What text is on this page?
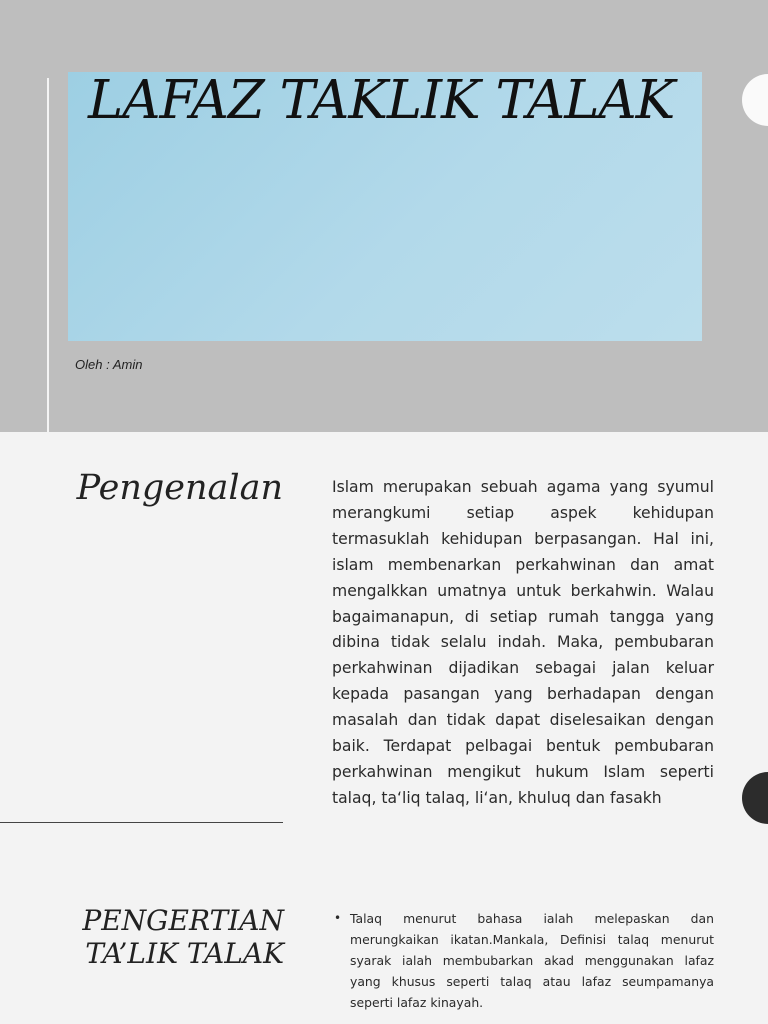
LAFAZ TAKLIK TALAK
Oleh : Amin
Pengenalan	Islam merupakan sebuah agama yang syumul merangkumi setiap aspek kehidupan termasuklah kehidupan berpasangan. Hal ini, islam membenarkan perkahwinan dan amat mengalkkan umatnya untuk berkahwin. Walau bagaimanapun, di setiap rumah tangga yang dibina tidak selalu indah. Maka, pembubaran perkahwinan dijadikan sebagai jalan keluar kepada pasangan yang berhadapan dengan masalah dan tidak dapat diselesaikan dengan baik. Terdapat pelbagai bentuk pembubaran perkahwinan mengikut hukum Islam seperti talaq, ta‘liq talaq, li‘an, khuluq dan fasakh

PENGERTIAN
TA’LIK TALAK
• Talaq menurut bahasa ialah melepaskan dan merungkaikan ikatan.Mankala, Definisi talaq menurut syarak ialah membubarkan akad menggunakan lafaz yang khusus seperti talaq atau lafaz seumpamanya seperti lafaz kinayah.
